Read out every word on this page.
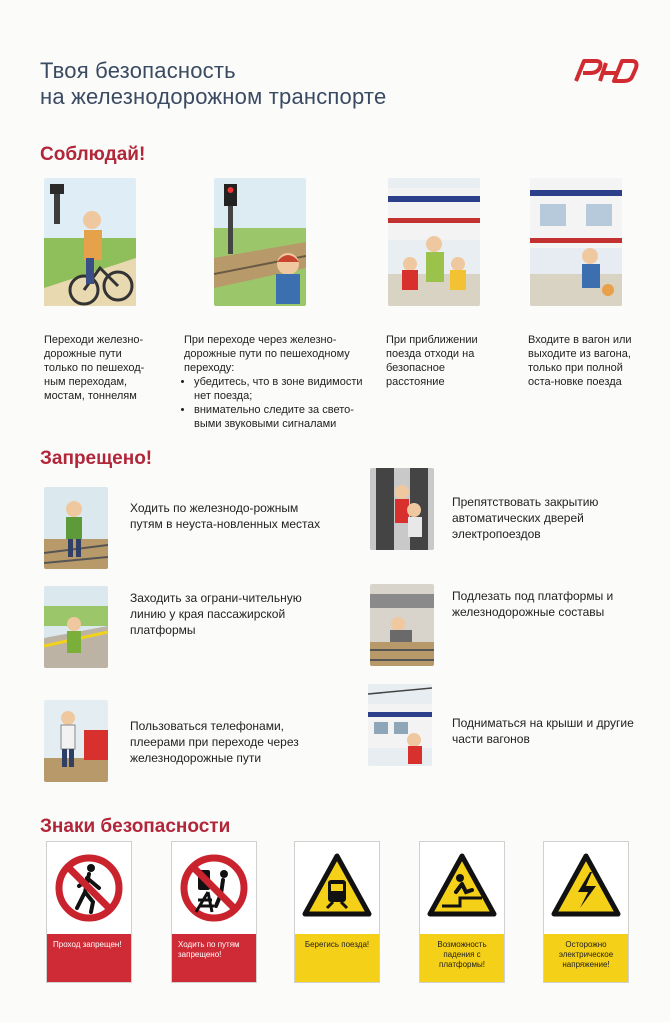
Твоя безопасность
на железнодорожном транспорте
Соблюдай!
Переходи железно-дорожные пути только по пешеход-ным переходам, мостам, тоннелям

При переходе через железно-дорожные пути по пешеходному переходу:

• убедитесь, что в зоне видимости нет поезда;
• внимательно следите за свето-выми звуковыми сигналами
При приближении поезда отходи на безопасное расстояние
Входите в вагон или выходите из вагона, только при полной оста-новке поезда
Запрещено!
Ходить по железнодо-рожным путям в неуста-новленных местах
Препятствовать закрытию автоматических дверей электропоездов
Заходить за ограни-чительную линию у края пассажирской платформы
Подлезать под платформы и железнодорожные составы
Пользоваться телефонами, плеерами при переходе через железнодорожные пути
Подниматься на крыши и другие части вагонов
Знаки безопасности
Проход запрещен!	Ходить по путям запрещено!
Берегись поезда!	Возможность падения с платформы!
Осторожно электрическое напряжение!
